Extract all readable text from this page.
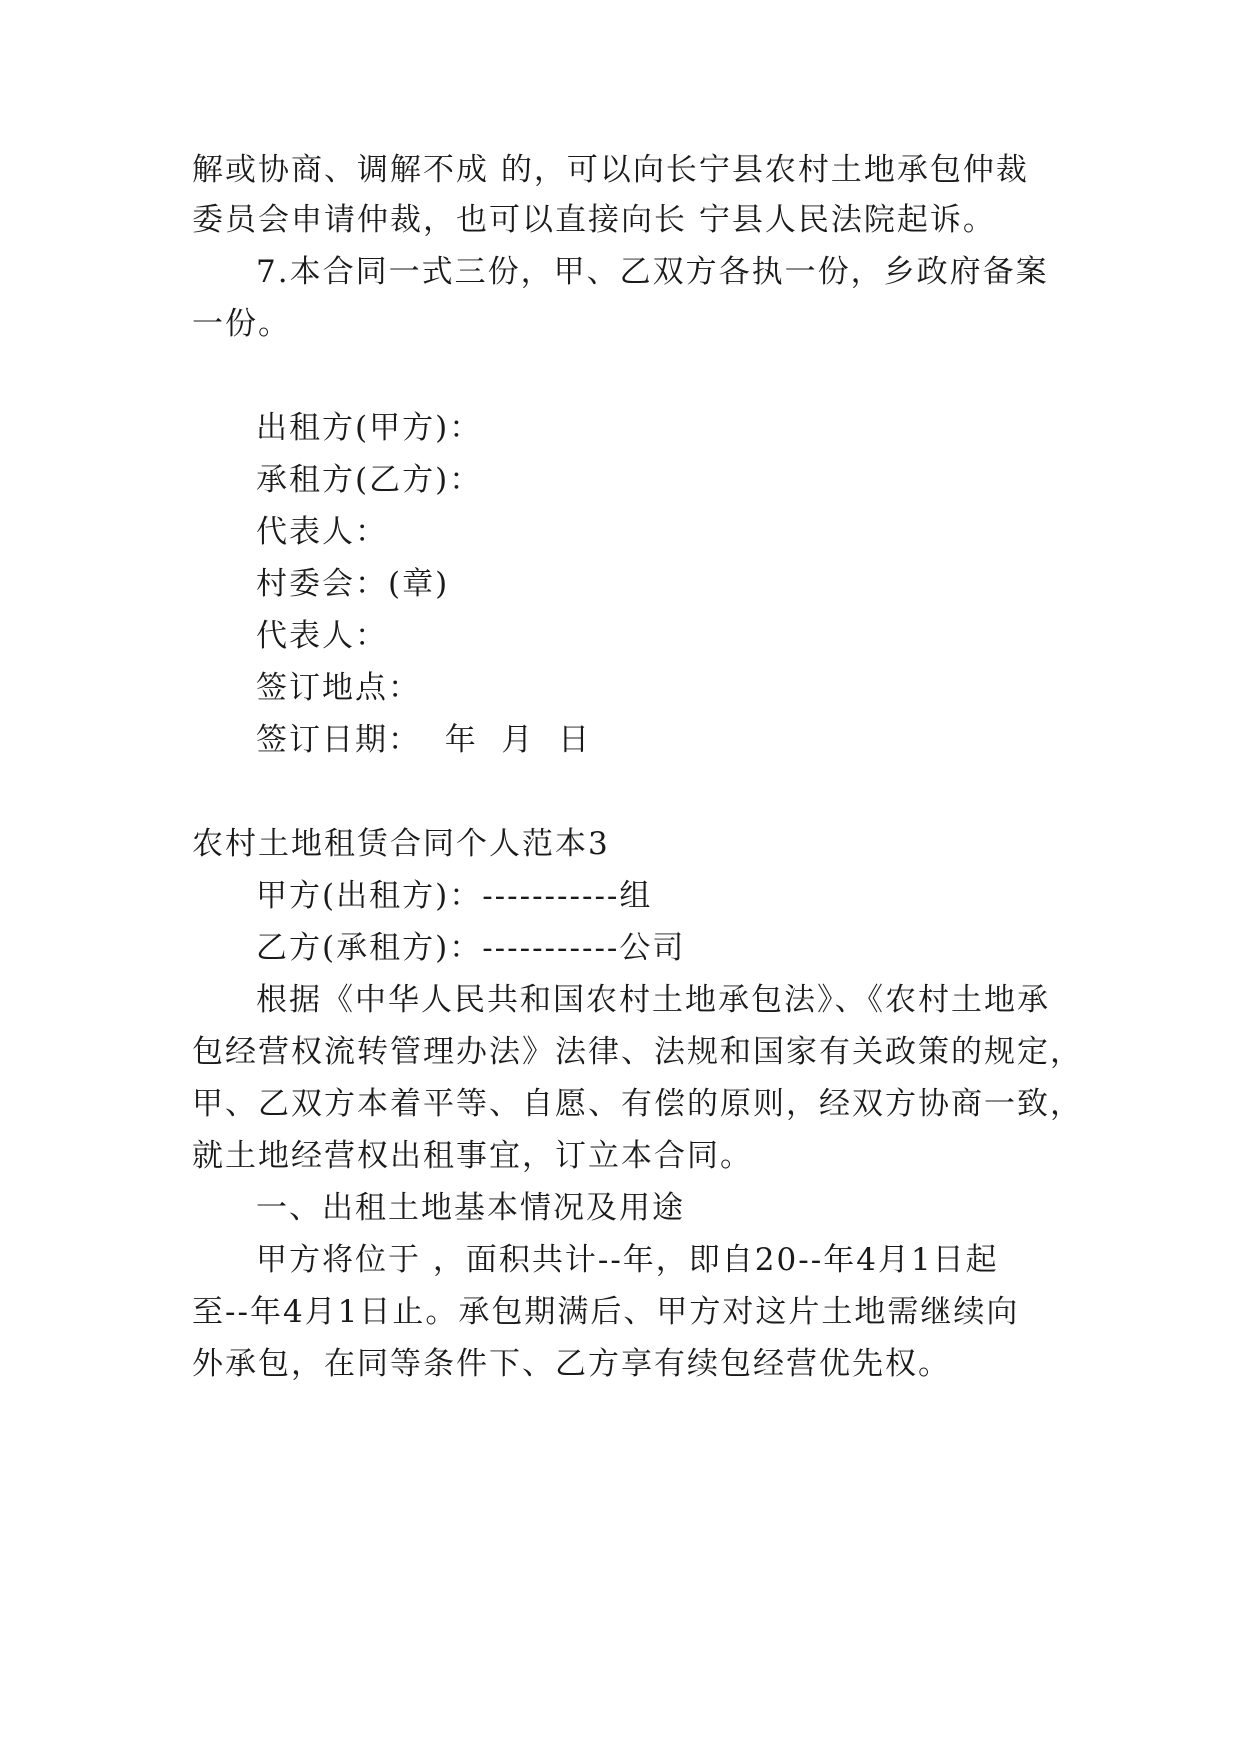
解或协商、调解不成 的，可以向长宁县农村土地承包仲裁
委员会申请仲裁，也可以直接向长 宁县人民法院起诉。
7.本合同一式三份，甲、乙双方各执一份，乡政府备案
一份。
出租方(甲方)：
承租方(乙方)：
代表人：
村委会：(章)
代表人：
签订地点：
签订日期：  年  月  日
农村土地租赁合同个人范本3
甲方(出租方)：-----------组
乙方(承租方)：-----------公司
根据《中华人民共和国农村土地承包法》、《农村土地承
包经营权流转管理办法》法律、法规和国家有关政策的规定，
甲、乙双方本着平等、自愿、有偿的原则，经双方协商一致，
就土地经营权出租事宜，订立本合同。
一、出租土地基本情况及用途
甲方将位于 ，面积共计--年，即自20--年4月1日起
至--年4月1日止。承包期满后、甲方对这片土地需继续向
外承包，在同等条件下、乙方享有续包经营优先权。
